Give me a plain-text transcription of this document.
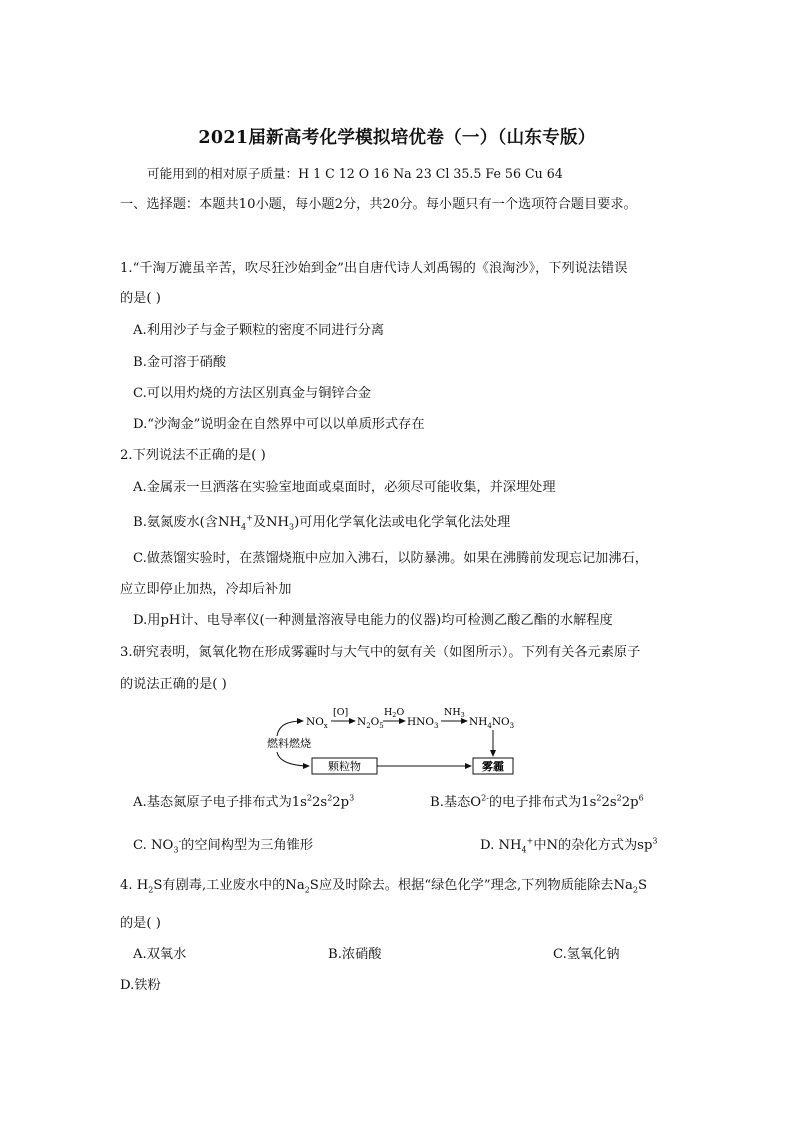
2021届新高考化学模拟培优卷（一）（山东专版）
可能用到的相对原子质量：H 1 C 12 O 16 Na 23 Cl 35.5 Fe 56 Cu 64
一、选择题：本题共10小题，每小题2分，共20分。每小题只有一个选项符合题目要求。
1.“千淘万漉虽辛苦，吹尽狂沙始到金”出自唐代诗人刘禹锡的《浪淘沙》，下列说法错误
的是( )
A.利用沙子与金子颗粒的密度不同进行分离
B.金可溶于硝酸
C.可以用灼烧的方法区别真金与铜锌合金
D.“沙淘金”说明金在自然界中可以以单质形式存在
2.下列说法不正确的是( )
A.金属汞一旦洒落在实验室地面或桌面时，必须尽可能收集，并深埋处理
B.氨氮废水(含$NH_4^+$及$NH_3$)可用化学氧化法或电化学氧化法处理
C.做蒸馏实验时，在蒸馏烧瓶中应加入沸石，以防暴沸。如果在沸腾前发现忘记加沸石，
应立即停止加热，冷却后补加
D.用pH计、电导率仪(一种测量溶液导电能力的仪器)均可检测乙酸乙酯的水解程度
3.研究表明，氮氧化物在形成雾霾时与大气中的氨有关（如图所示）。下列有关各元素原子
的说法正确的是( )
燃料燃烧
$NO_x$
[O]
$N_2O_5$
$H_2O$
$HNO_3$
$NH_3$
$NH_4NO_3$
颗粒物	雾霾
A.基态氮原子电子排布式为$1s^22s^22p^3$	B.基态$O^{2-}$的电子排布式为$1s^22s^22p^6$
C. $NO_3^-$的空间构型为三角锥形	D. $NH_4^+$中N的杂化方式为$sp^3$
4. $H_2S$有剧毒,工业废水中的$Na_2S$应及时除去。根据“绿色化学”理念,下列物质能除去$Na_2S$
的是( )
A.双氧水	B.浓硝酸	C.氢氧化钠
D.铁粉
